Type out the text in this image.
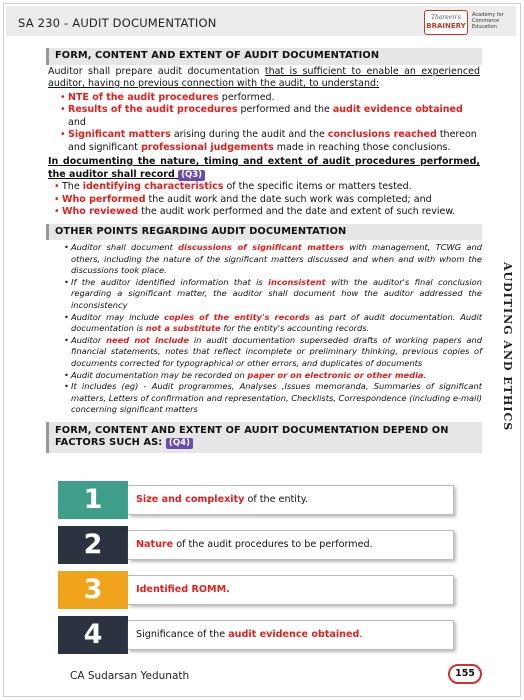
SA 230 - AUDIT DOCUMENTATION	Thareen's
BRAINERY
Academy for Commerce Education
AUDITING AND ETHICS
FORM, CONTENT AND EXTENT OF AUDIT DOCUMENTATION
Auditor shall prepare audit documentation that is sufficient to enable an experienced auditor, having no previous connection with the audit, to understand:
• NTE of the audit procedures performed.
• Results of the audit procedures performed and the audit evidence obtained and
• Significant matters arising during the audit and the conclusions reached thereon and significant professional judgements made in reaching those conclusions.
In documenting the nature, timing and extent of audit procedures performed, the auditor shall record (Q3)
• The identifying characteristics of the specific items or matters tested.
• Who performed the audit work and the date such work was completed; and
• Who reviewed the audit work performed and the date and extent of such review.
OTHER POINTS REGARDING AUDIT DOCUMENTATION
• Auditor shall document discussions of significant matters with management, TCWG and others, including the nature of the significant matters discussed and when and with whom the discussions took place.
• If the auditor identified information that is inconsistent with the auditor's final conclusion regarding a significant matter, the auditor shall document how the auditor addressed the inconsistency
• Auditor may include copies of the entity's records as part of audit documentation. Audit documentation is not a substitute for the entity's accounting records.
• Auditor need not include in audit documentation superseded drafts of working papers and financial statements, notes that reflect incomplete or preliminary thinking, previous copies of documents corrected for typographical or other errors, and duplicates of documents
• Audit documentation may be recorded on paper or on electronic or other media.
• It includes (eg) - Audit programmes, Analyses ,Issues memoranda, Summaries of significant matters, Letters of confirmation and representation, Checklists, Correspondence (including e-mail) concerning significant matters
FORM, CONTENT AND EXTENT OF AUDIT DOCUMENTATION DEPEND ON FACTORS SUCH AS: (Q4)
1	Size and complexity of the entity.
2	Nature of the audit procedures to be performed.
3	Identified ROMM.
4	Significance of the audit evidence obtained.
CA Sudarsan Yedunath	155
